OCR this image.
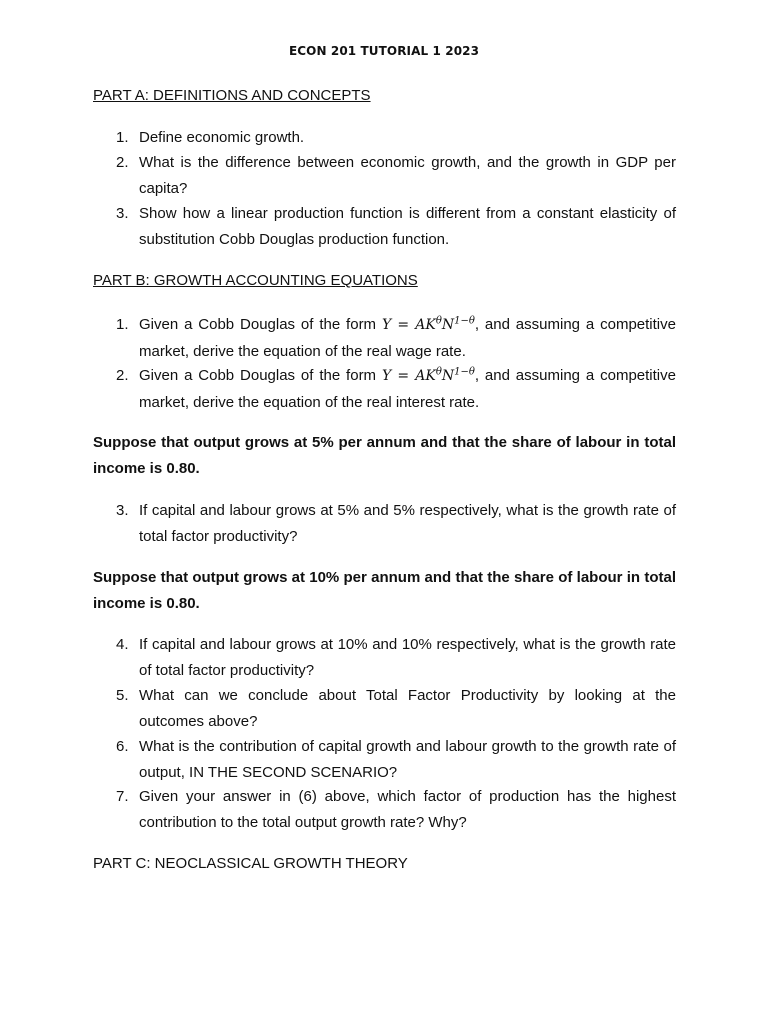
ECON 201 TUTORIAL 1 2023
PART A: DEFINITIONS AND CONCEPTS
1. Define economic growth.
2. What is the difference between economic growth, and the growth in GDP per capita?
3. Show how a linear production function is different from a constant elasticity of substitution Cobb Douglas production function.
PART B: GROWTH ACCOUNTING EQUATIONS
1. Given a Cobb Douglas of the form $Y = AK^\theta N^{1-\theta}$, and assuming a competitive market, derive the equation of the real wage rate.
2. Given a Cobb Douglas of the form $Y = AK^\theta N^{1-\theta}$, and assuming a competitive market, derive the equation of the real interest rate.
Suppose that output grows at 5% per annum and that the share of labour in total income is 0.80.
3. If capital and labour grows at 5% and 5% respectively, what is the growth rate of total factor productivity?
Suppose that output grows at 10% per annum and that the share of labour in total income is 0.80.
4. If capital and labour grows at 10% and 10% respectively, what is the growth rate of total factor productivity?
5. What can we conclude about Total Factor Productivity by looking at the outcomes above?
6. What is the contribution of capital growth and labour growth to the growth rate of output, IN THE SECOND SCENARIO?
7. Given your answer in (6) above, which factor of production has the highest contribution to the total output growth rate? Why?
PART C: NEOCLASSICAL GROWTH THEORY
